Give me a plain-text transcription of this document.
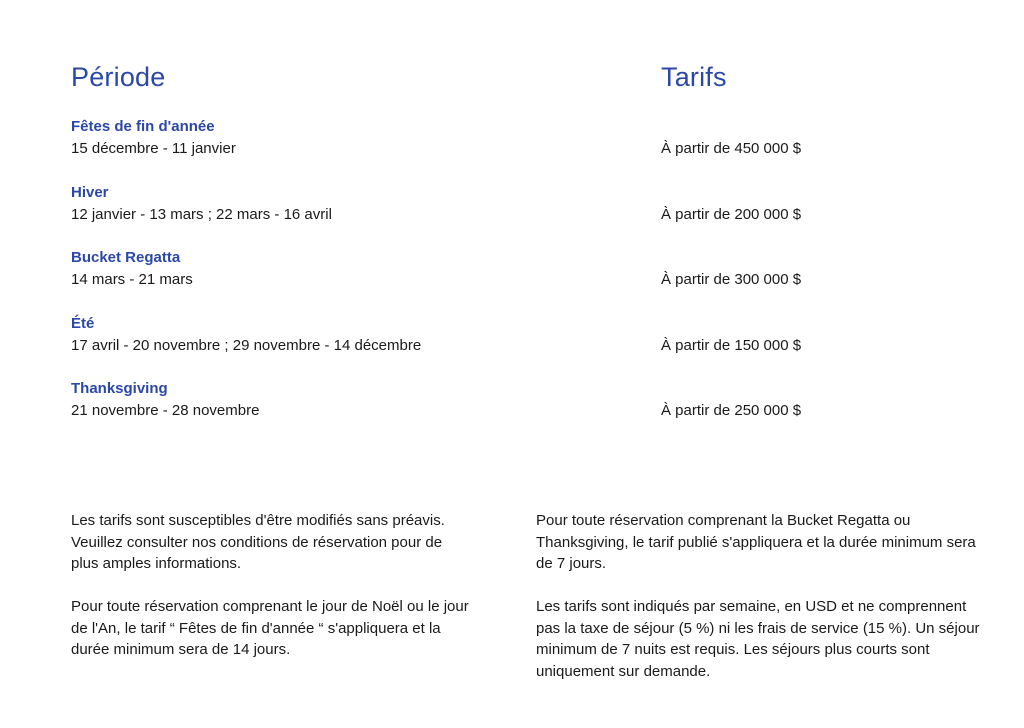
Période	Tarifs
Fêtes de fin d'année
15 décembre - 11 janvier	À partir de 450 000 $
Hiver
12 janvier - 13 mars ; 22 mars - 16 avril	À partir de 200 000 $
Bucket Regatta
14 mars - 21 mars	À partir de 300 000 $
Été
17 avril - 20 novembre ; 29 novembre - 14 décembre	À partir de 150 000 $
Thanksgiving
21 novembre - 28 novembre	À partir de 250 000 $

Les tarifs sont susceptibles d'être modifiés sans préavis. Veuillez consulter nos conditions de réservation pour de plus amples informations.

Pour toute réservation comprenant le jour de Noël ou le jour de l'An, le tarif “ Fêtes de fin d'année “ s'appliquera et la durée minimum sera de 14 jours.

Pour toute réservation comprenant la Bucket Regatta ou Thanksgiving, le tarif publié s'appliquera et la durée minimum sera de 7 jours.

Les tarifs sont indiqués par semaine, en USD et ne comprennent pas la taxe de séjour (5 %) ni les frais de service (15 %). Un séjour minimum de 7 nuits est requis. Les séjours plus courts sont uniquement sur demande.
